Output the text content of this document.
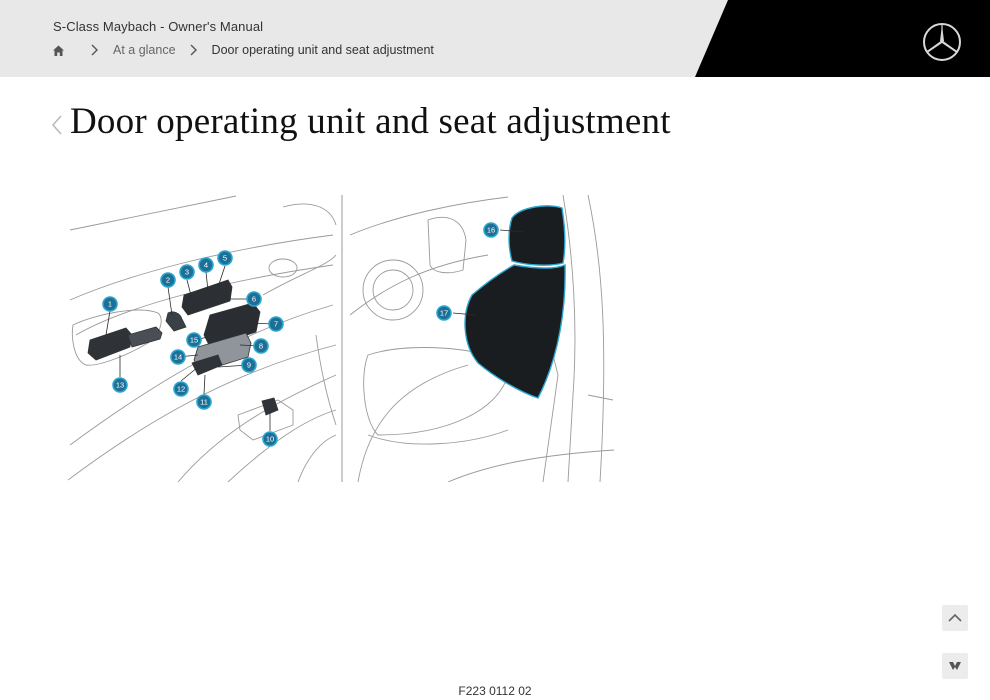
S-Class Maybach - Owner's Manual
At a glance	Door operating unit and seat adjustment
Door operating unit and seat adjustment
1
2
3
4
5
6
7
8
9
10
11
12
13
14
15
16
17
F223 0112 02
